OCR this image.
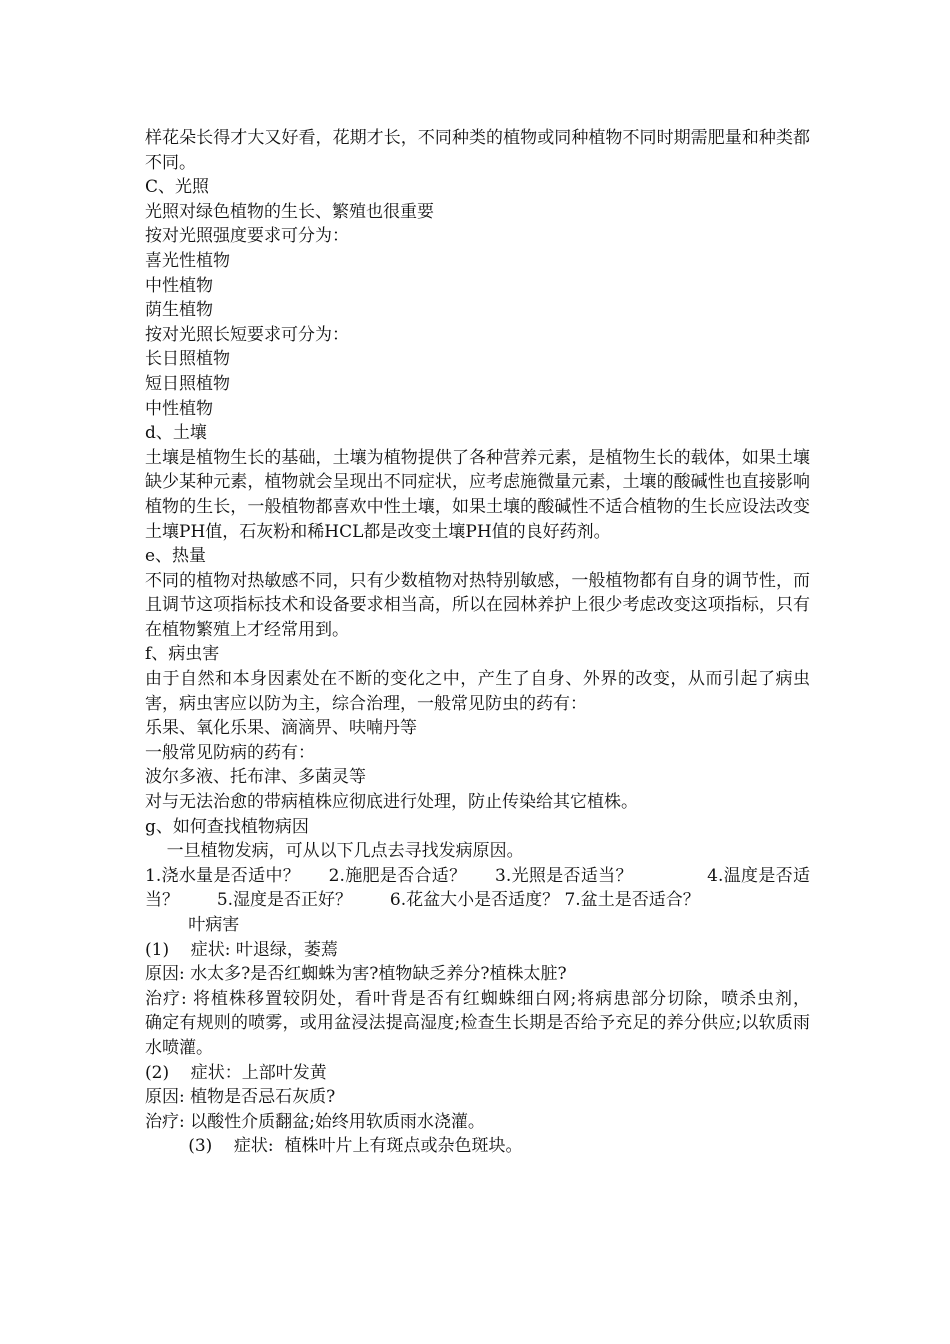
样花朵长得才大又好看，花期才长，不同种类的植物或同种植物不同时期需肥量和种类都不同。
C、光照
光照对绿色植物的生长、繁殖也很重要
按对光照强度要求可分为：
喜光性植物
中性植物
荫生植物
按对光照长短要求可分为：
长日照植物
短日照植物
中性植物
d、土壤
土壤是植物生长的基础，土壤为植物提供了各种营养元素，是植物生长的载体，如果土壤缺少某种元素，植物就会呈现出不同症状，应考虑施微量元素，土壤的酸碱性也直接影响植物的生长，一般植物都喜欢中性土壤，如果土壤的酸碱性不适合植物的生长应设法改变土壤PH值，石灰粉和稀HCL都是改变土壤PH值的良好药剂。
e、热量
不同的植物对热敏感不同，只有少数植物对热特别敏感，一般植物都有自身的调节性，而且调节这项指标技术和设备要求相当高，所以在园林养护上很少考虑改变这项指标，只有在植物繁殖上才经常用到。
f、病虫害
由于自然和本身因素处在不断的变化之中，产生了自身、外界的改变，从而引起了病虫害，病虫害应以防为主，综合治理，一般常见防虫的药有：
乐果、氧化乐果、滴滴畀、呋喃丹等
一般常见防病的药有：
波尔多液、托布津、多菌灵等
对与无法治愈的带病植株应彻底进行处理，防止传染给其它植株。
g、如何查找植物病因
一旦植物发病，可从以下几点去寻找发病原因。
1.浇水量是否适中？     2.施肥是否合适？     3.光照是否适当？             4.温度是否适当？       5.湿度是否正好？       6.花盆大小是否适度？ 7.盆土是否适合？
叶病害
(1)    症状: 叶退绿，萎蔫
原因: 水太多?是否红蜘蛛为害?植物缺乏养分?植株太脏?
治疗: 将植株移置较阴处，看叶背是否有红蜘蛛细白网;将病患部分切除，喷杀虫剂，     确定有规则的喷雾，或用盆浸法提高湿度;检查生长期是否给予充足的养分供应;以软质雨水喷灌。
(2)    症状：上部叶发黄
原因: 植物是否忌石灰质?
治疗: 以酸性介质翻盆;始终用软质雨水浇灌。
(3)    症状:  植株叶片上有斑点或杂色斑块。
